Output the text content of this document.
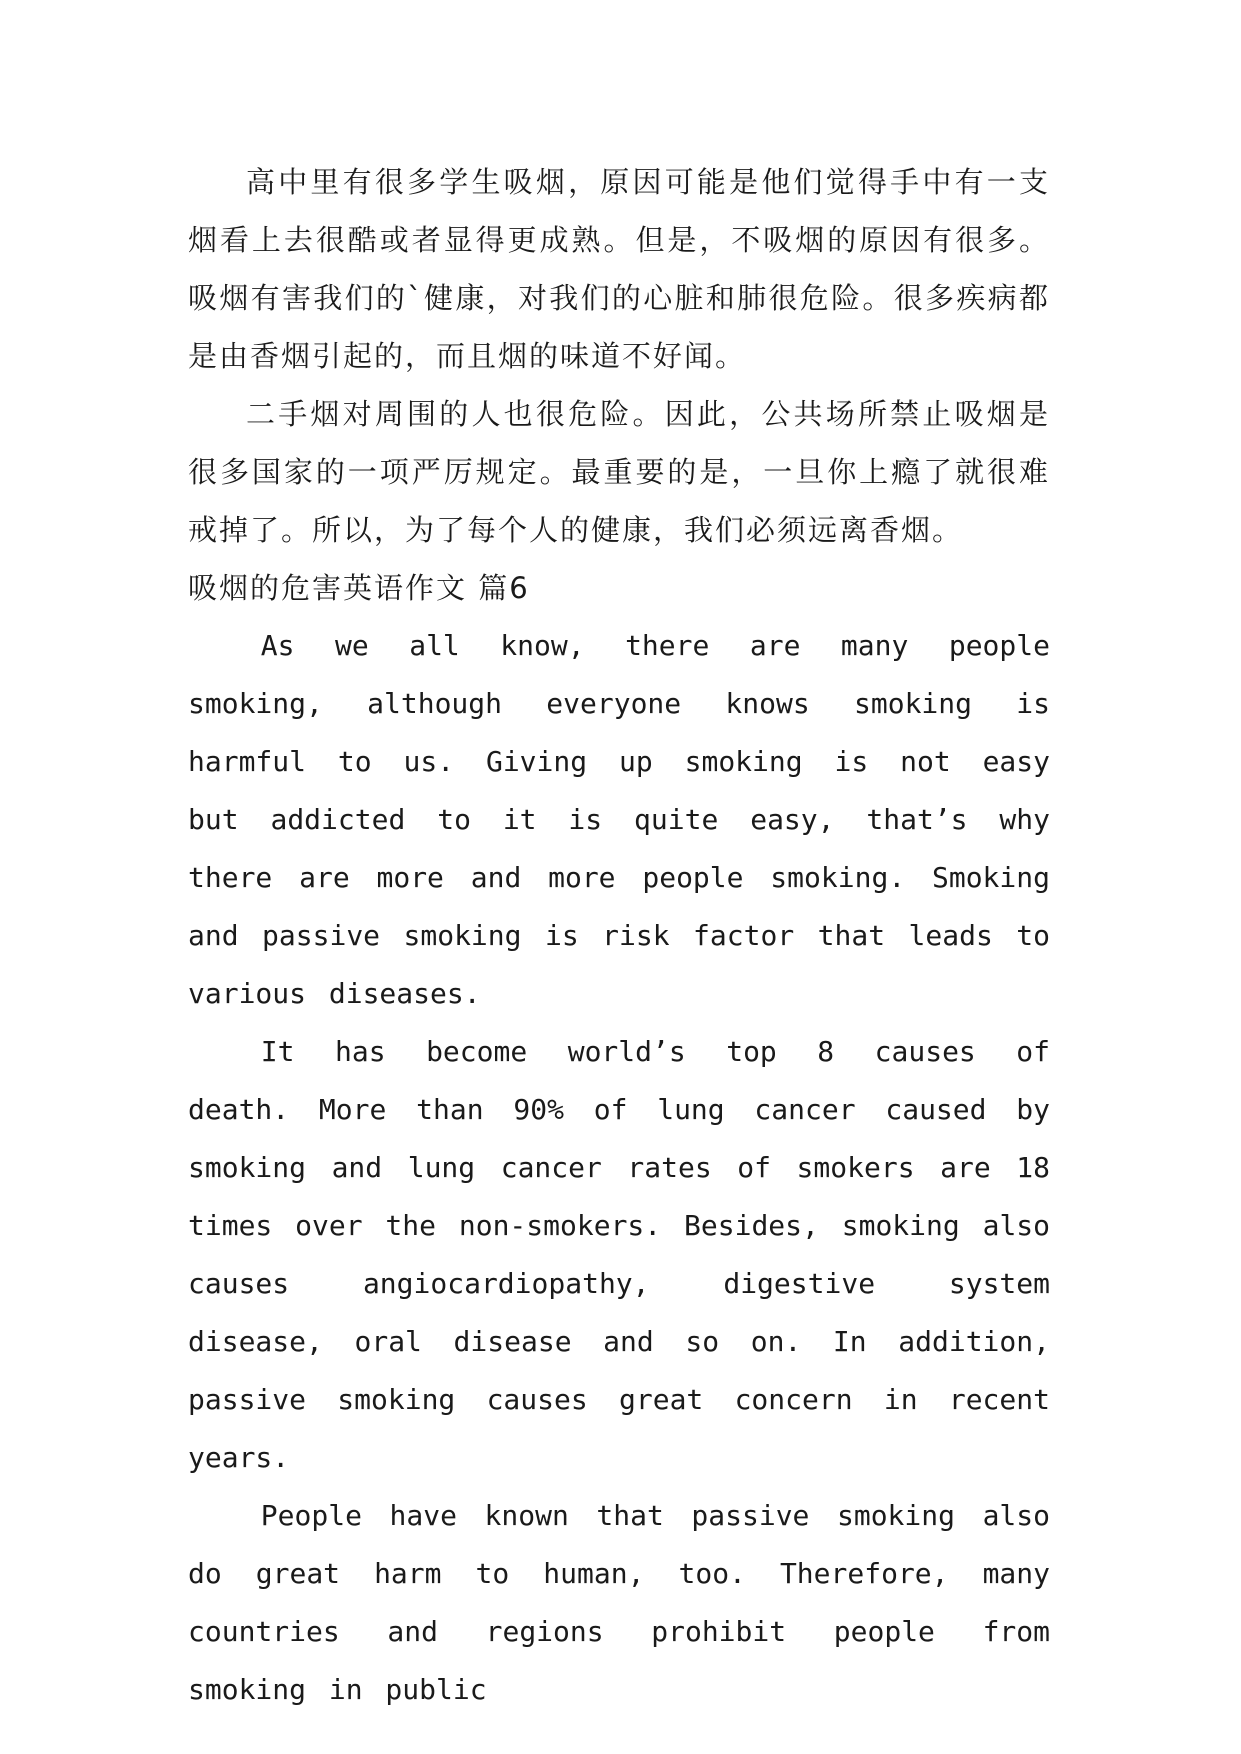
高中里有很多学生吸烟，原因可能是他们觉得手中有一支烟看上去很酷或者显得更成熟。但是，不吸烟的原因有很多。吸烟有害我们的`健康，对我们的心脏和肺很危险。很多疾病都是由香烟引起的，而且烟的味道不好闻。

二手烟对周围的人也很危险。因此，公共场所禁止吸烟是很多国家的一项严厉规定。最重要的是，一旦你上瘾了就很难戒掉了。所以，为了每个人的健康，我们必须远离香烟。

吸烟的危害英语作文 篇6

As we all know, there are many people smoking, although everyone knows smoking is harmful to us. Giving up smoking is not easy but addicted to it is quite easy, that’s why there are more and more people smoking. Smoking and passive smoking is risk factor that leads to various diseases.

It has become world’s top 8 causes of death. More than 90% of lung cancer caused by smoking and lung cancer rates of smokers are 18 times over the non-smokers. Besides, smoking also causes angiocardiopathy, digestive system disease, oral disease and so on. In addition, passive smoking causes great concern in recent years.

People have known that passive smoking also do great harm to human, too. Therefore, many countries and regions prohibit people from smoking in public
